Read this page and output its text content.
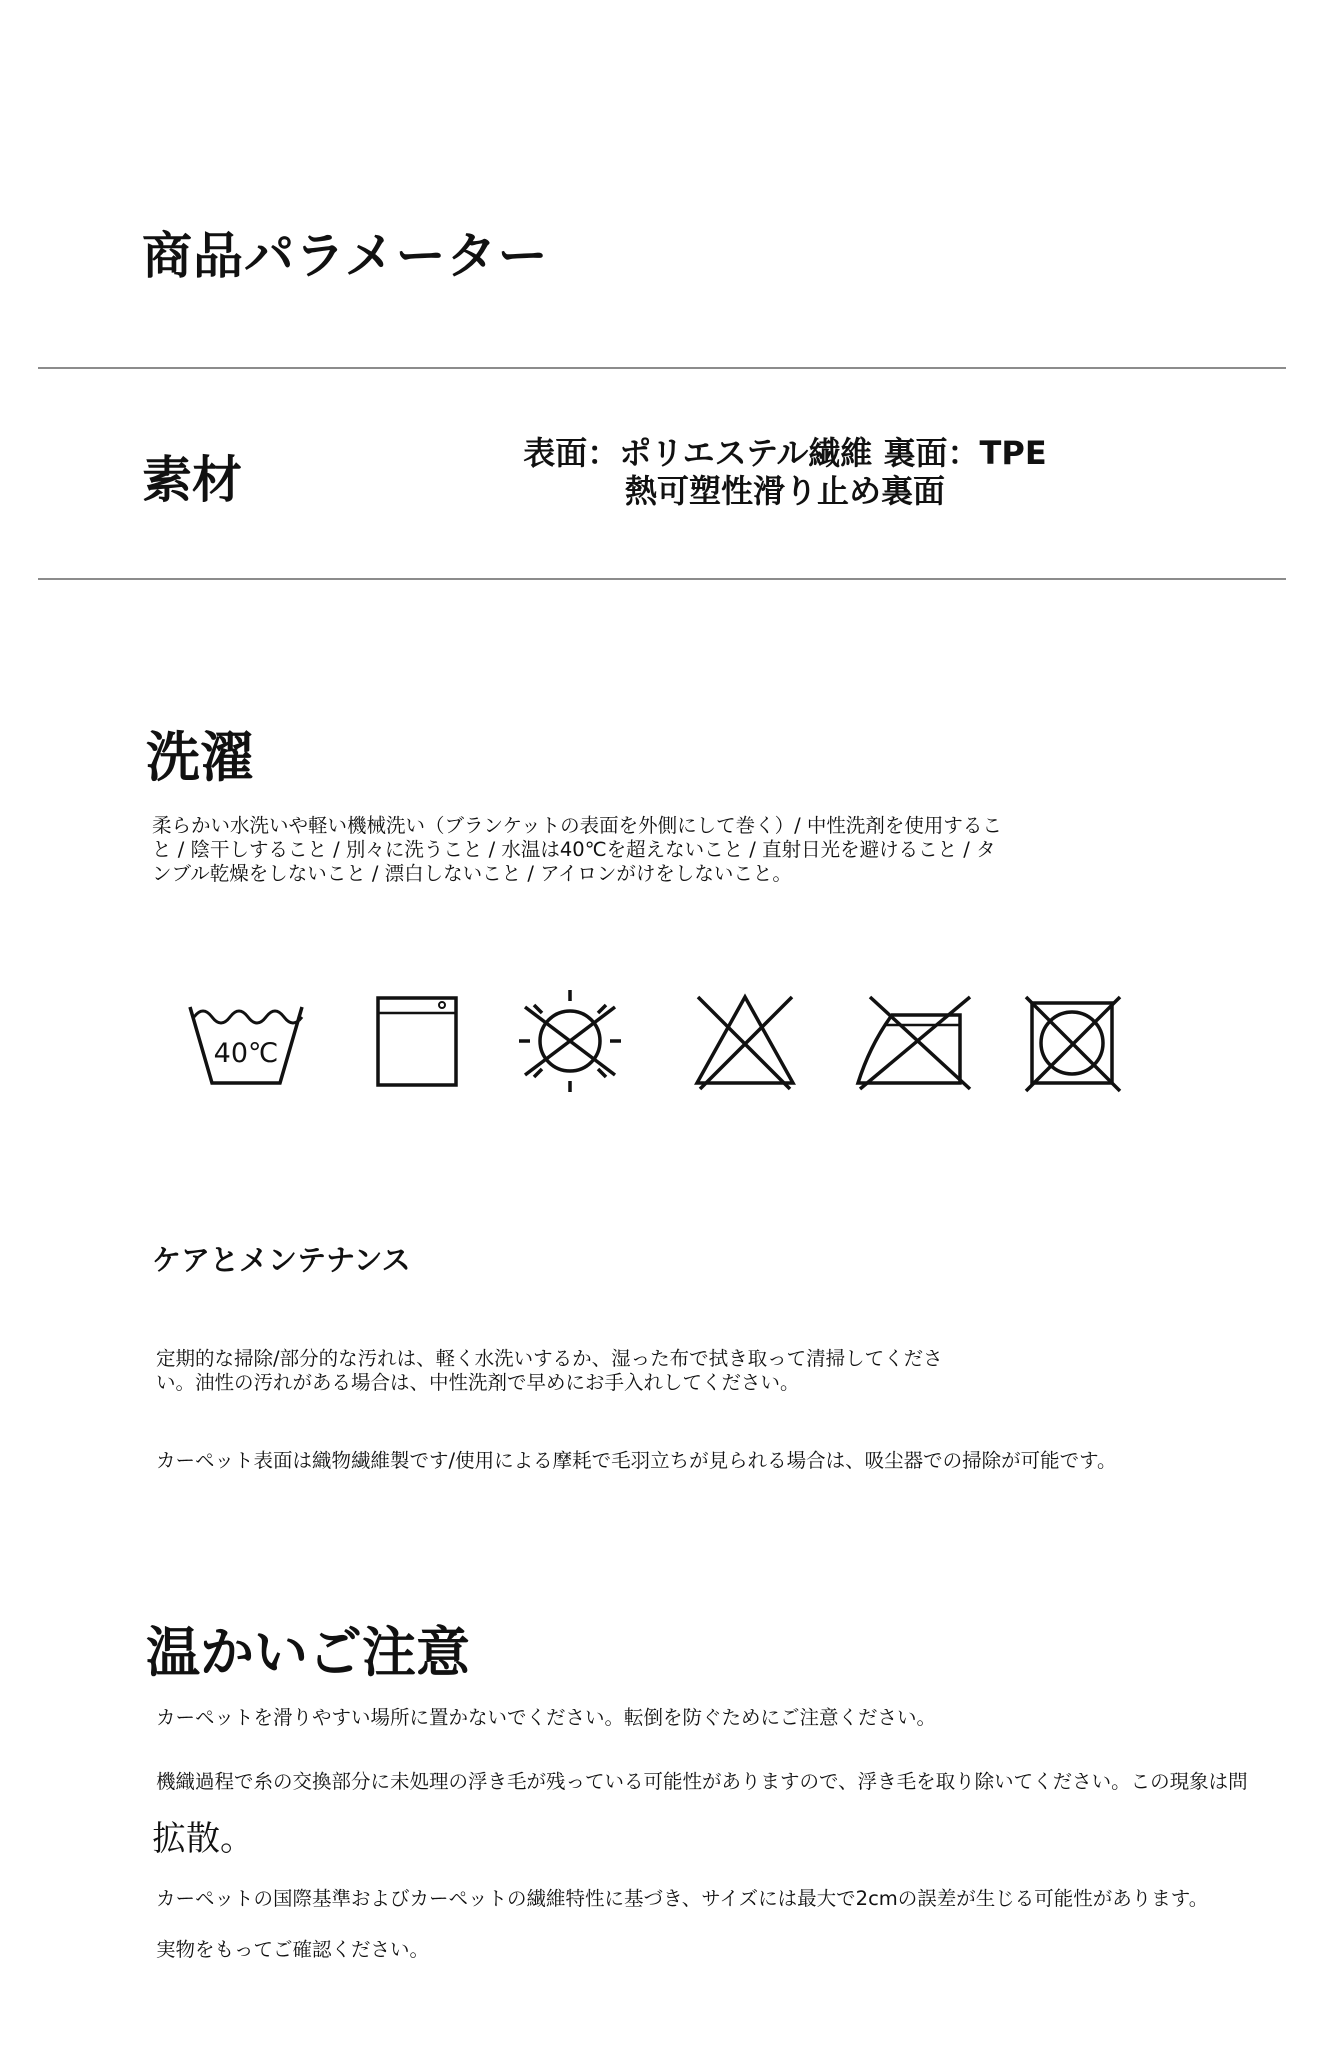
商品パラメーター
素材	表面：ポリエステル繊維 裏面：TPE熱可塑性滑り止め裏面
洗濯
柔らかい水洗いや軽い機械洗い（ブランケットの表面を外側にして巻く）/ 中性洗剤を使用すること / 陰干しすること / 別々に洗うこと / 水温は40℃を超えないこと / 直射日光を避けること / タンブル乾燥をしないこと / 漂白しないこと / アイロンがけをしないこと。
40℃
ケアとメンテナンス
定期的な掃除/部分的な汚れは、軽く水洗いするか、湿った布で拭き取って清掃してください。油性の汚れがある場合は、中性洗剤で早めにお手入れしてください。
カーペット表面は織物繊維製です/使用による摩耗で毛羽立ちが見られる場合は、吸尘器での掃除が可能です。
温かいご注意
カーペットを滑りやすい場所に置かないでください。転倒を防ぐためにご注意ください。
機織過程で糸の交換部分に未処理の浮き毛が残っている可能性がありますので、浮き毛を取り除いてください。この現象は問
拡散。
カーペットの国際基準およびカーペットの繊維特性に基づき、サイズには最大で2cmの誤差が生じる可能性があります。
実物をもってご確認ください。
